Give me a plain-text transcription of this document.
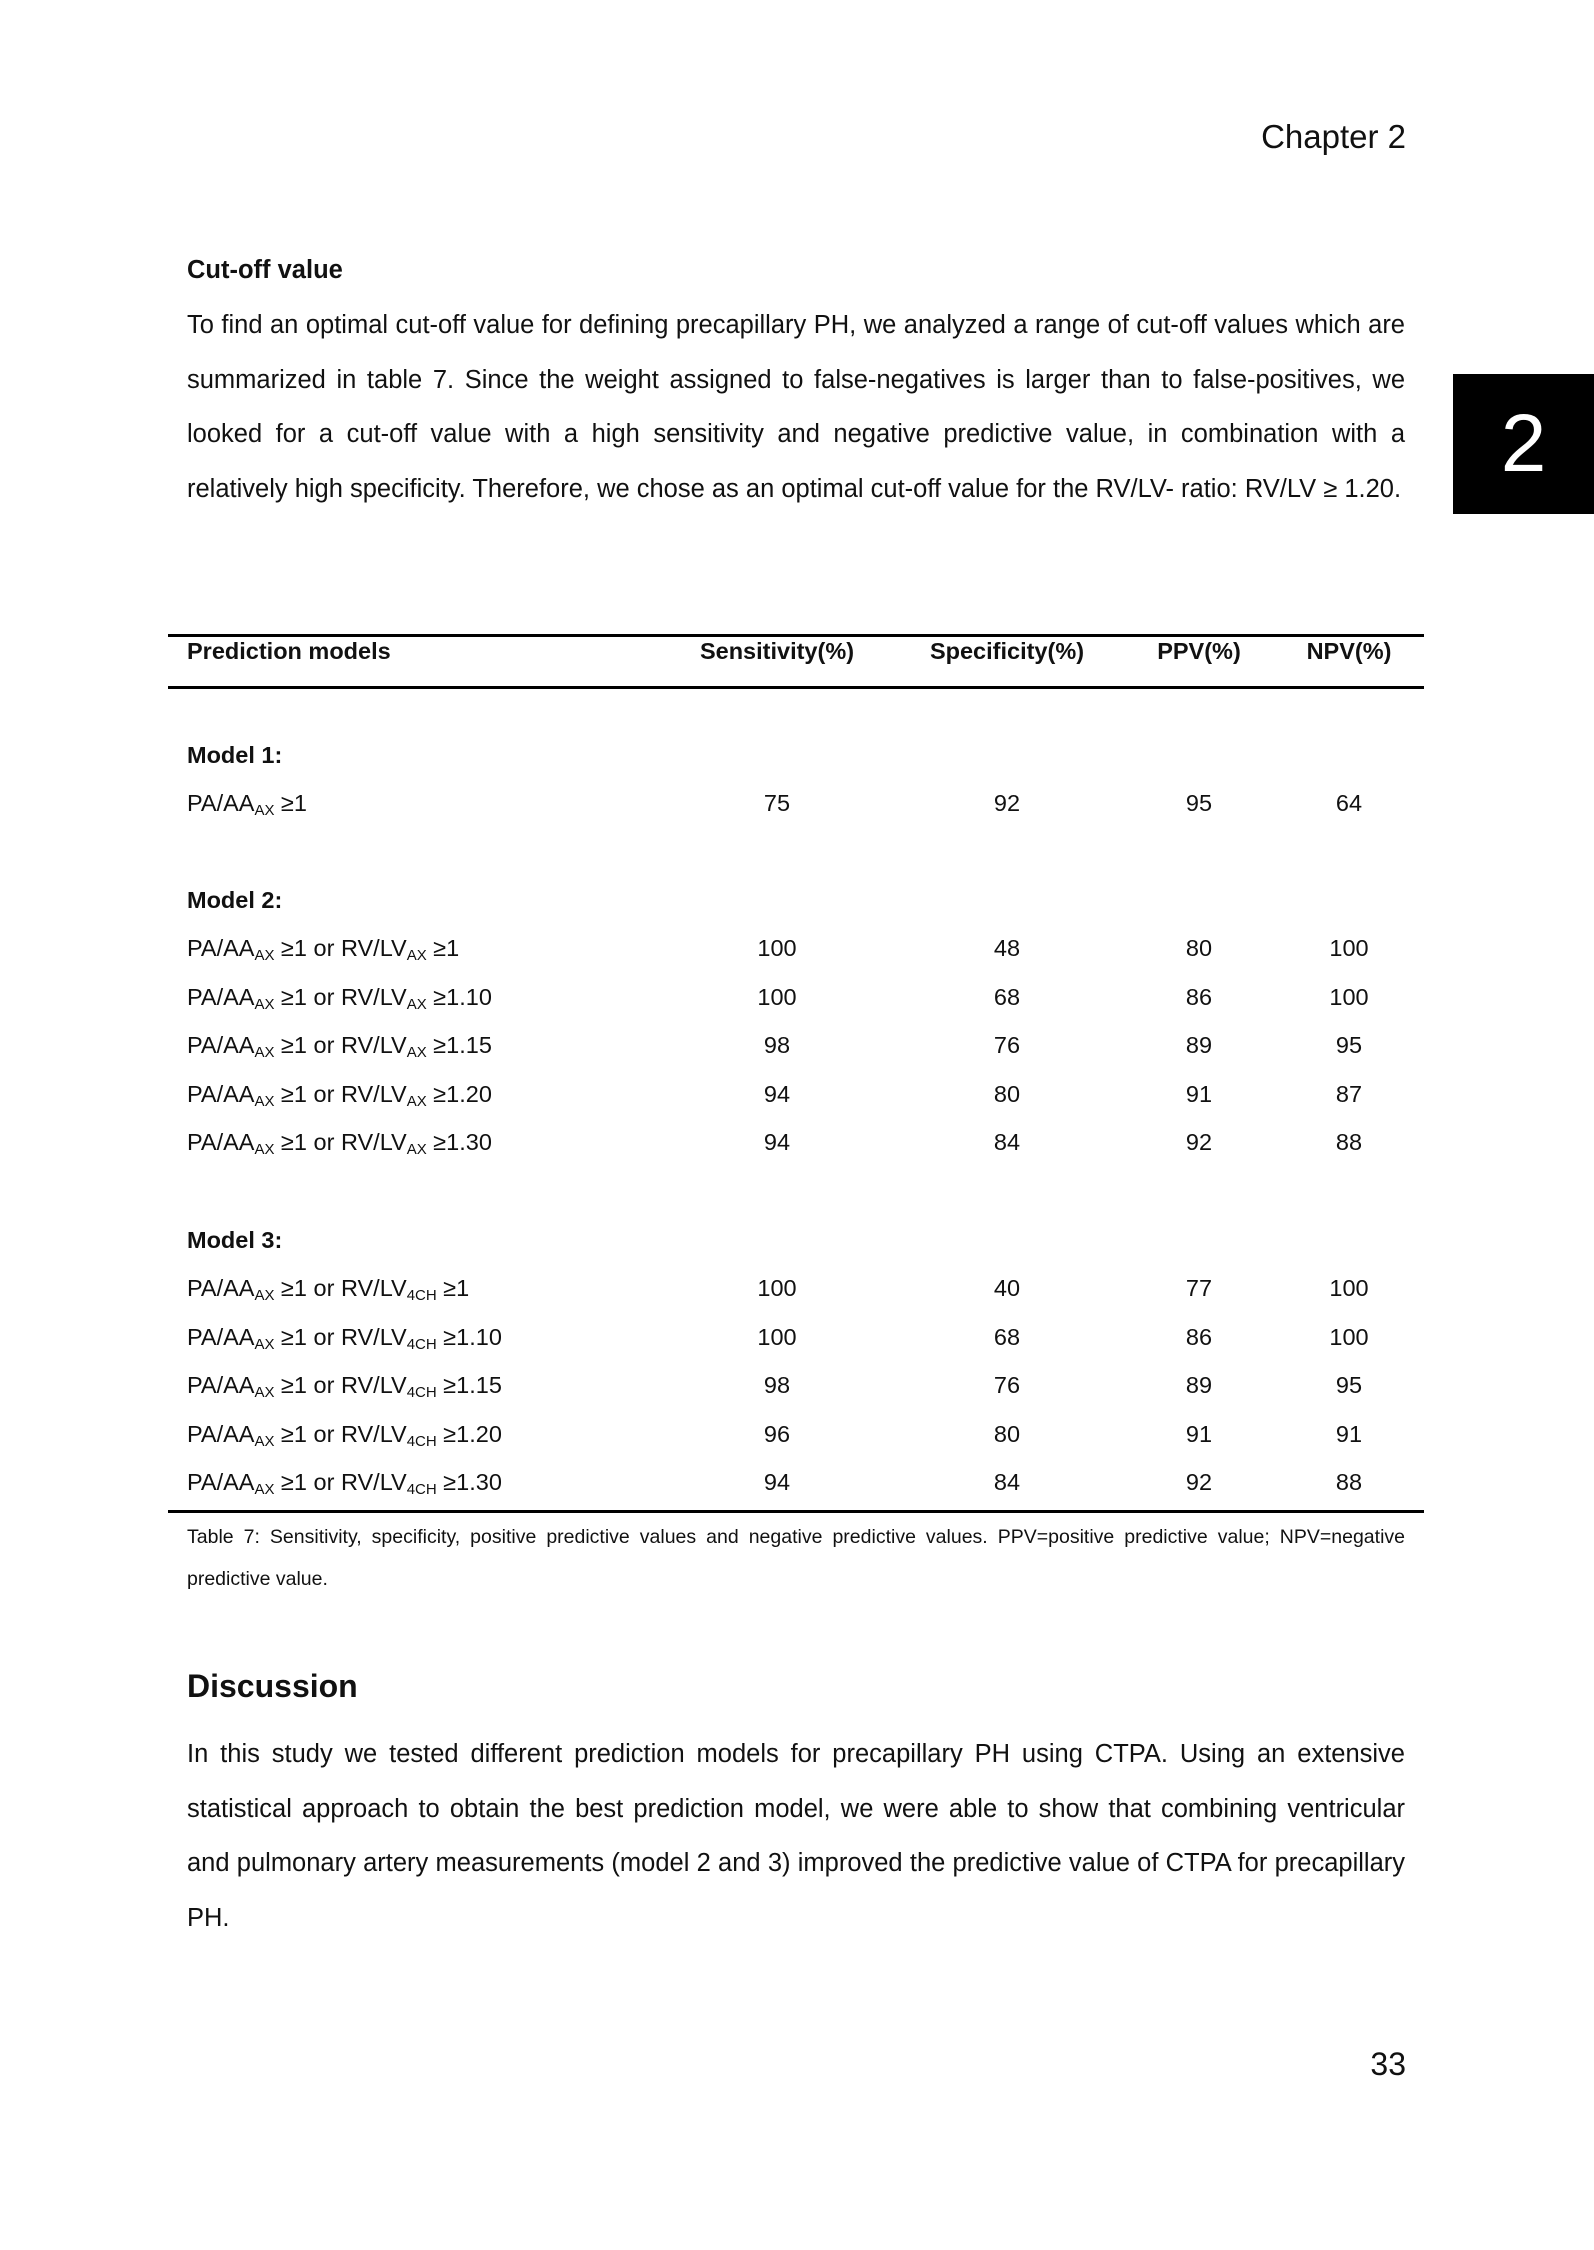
Chapter 2
2
Cut-off value
To find an optimal cut-off value for defining precapillary PH, we analyzed a range of cut-off values which are summarized in table 7. Since the weight assigned to false-negatives is larger than to false-positives, we looked for a cut-off value with a high sensitivity and negative predictive value, in combination with a relatively high specificity. Therefore, we chose as an optimal cut-off value for the RV/LV- ratio: RV/LV ≥ 1.20.
Prediction models	Sensitivity(%)	Specificity(%)	PPV(%)	NPV(%)
Model 1:
$PA/AA_{AX} \ge 1$	75	92	95	64
Model 2:
$PA/AA_{AX} \ge 1$ or $RV/LV_{AX} \ge 1$	100	48	80	100
$PA/AA_{AX} \ge 1$ or $RV/LV_{AX} \ge 1.10$	100	68	86	100
$PA/AA_{AX} \ge 1$ or $RV/LV_{AX} \ge 1.15$	98	76	89	95
$PA/AA_{AX} \ge 1$ or $RV/LV_{AX} \ge 1.20$	94	80	91	87
$PA/AA_{AX} \ge 1$ or $RV/LV_{AX} \ge 1.30$	94	84	92	88
Model 3:
$PA/AA_{AX} \ge 1$ or $RV/LV_{4CH} \ge 1$	100	40	77	100
$PA/AA_{AX} \ge 1$ or $RV/LV_{4CH} \ge 1.10$	100	68	86	100
$PA/AA_{AX} \ge 1$ or $RV/LV_{4CH} \ge 1.15$	98	76	89	95
$PA/AA_{AX} \ge 1$ or $RV/LV_{4CH} \ge 1.20$	96	80	91	91
$PA/AA_{AX} \ge 1$ or $RV/LV_{4CH} \ge 1.30$	94	84	92	88
Table 7: Sensitivity, specificity, positive predictive values and negative predictive values. PPV=positive predictive value; NPV=negative predictive value.
Discussion
In this study we tested different prediction models for precapillary PH using CTPA. Using an extensive statistical approach to obtain the best prediction model, we were able to show that combining ventricular and pulmonary artery measurements (model 2 and 3) improved the predictive value of CTPA for precapillary PH.
33
